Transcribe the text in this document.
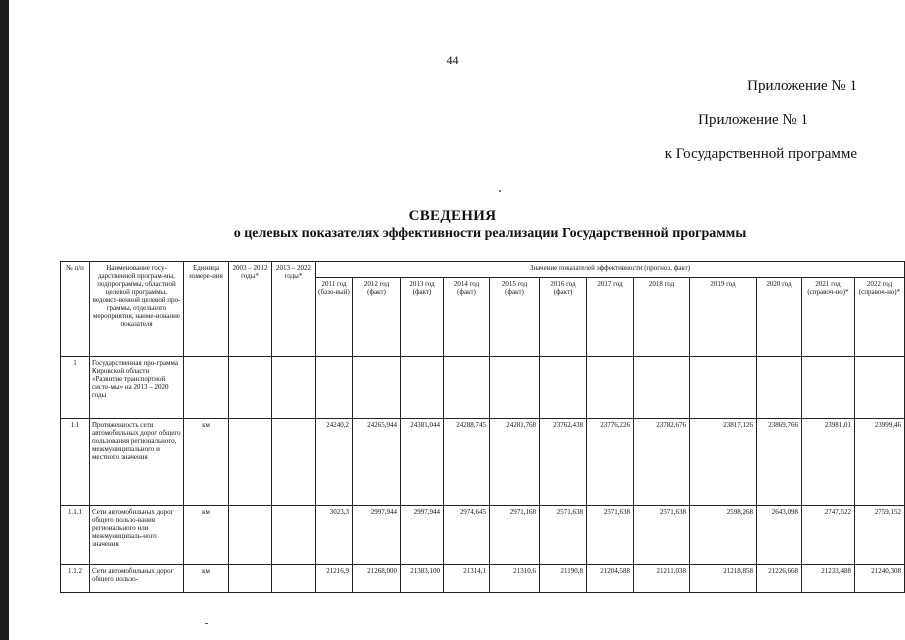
44
Приложение № 1
Приложение № 1
к Государственной программе
СВЕДЕНИЯ
о целевых показателях эффективности реализации Государственной программы
№ п/п	Наименование госу-дарственной програм-мы, подпрограммы, областной целевой программы, ведомст-венной целевой про-граммы, отдельного мероприятия, наиме-нование показателя	Единица измере-ния	2003 – 2012 годы*	2013 – 2022 годы*	Значение показателей эффективности (прогноз, факт)											
					2011 год (базо-вый)	2012 год (факт)	2013 год (факт)	2014 год (факт)	2015 год (факт)	2016 год (факт)	2017 год	2018 год	2019 год	2020 год	2021 год (справоч-но)*	2022 год (справоч-но)*
1	Государственная про-грамма Кировской области «Развитие транспортной систе-мы» на 2013 – 2020 годы															
1.1	Протяженность сети автомобильных дорог общего пользования регионального, межмуниципального и местного значения	км			24240,2	24265,944	24381,044	24288,745	24281,768	23762,438	23776,226	23782,676	23817,126	23869,766	23981,01	23999,46
1.1.1	Сети автомобильных дорог общего пользо-вания регионального или межмуниципаль-ного значения	км			3023,3	2997,944	2997,944	2974,645	2971,168	2571,638	2571,638	2571,638	2598,268	2643,098	2747,522	2759,152
1.1.2	Сети автомобильных дорог общего пользо-	км			21216,9	21268,000	21383,100	21314,1	21310,6	21190,8	21204,588	21211,038	21218,858	21226,668	21233,488	21240,308
